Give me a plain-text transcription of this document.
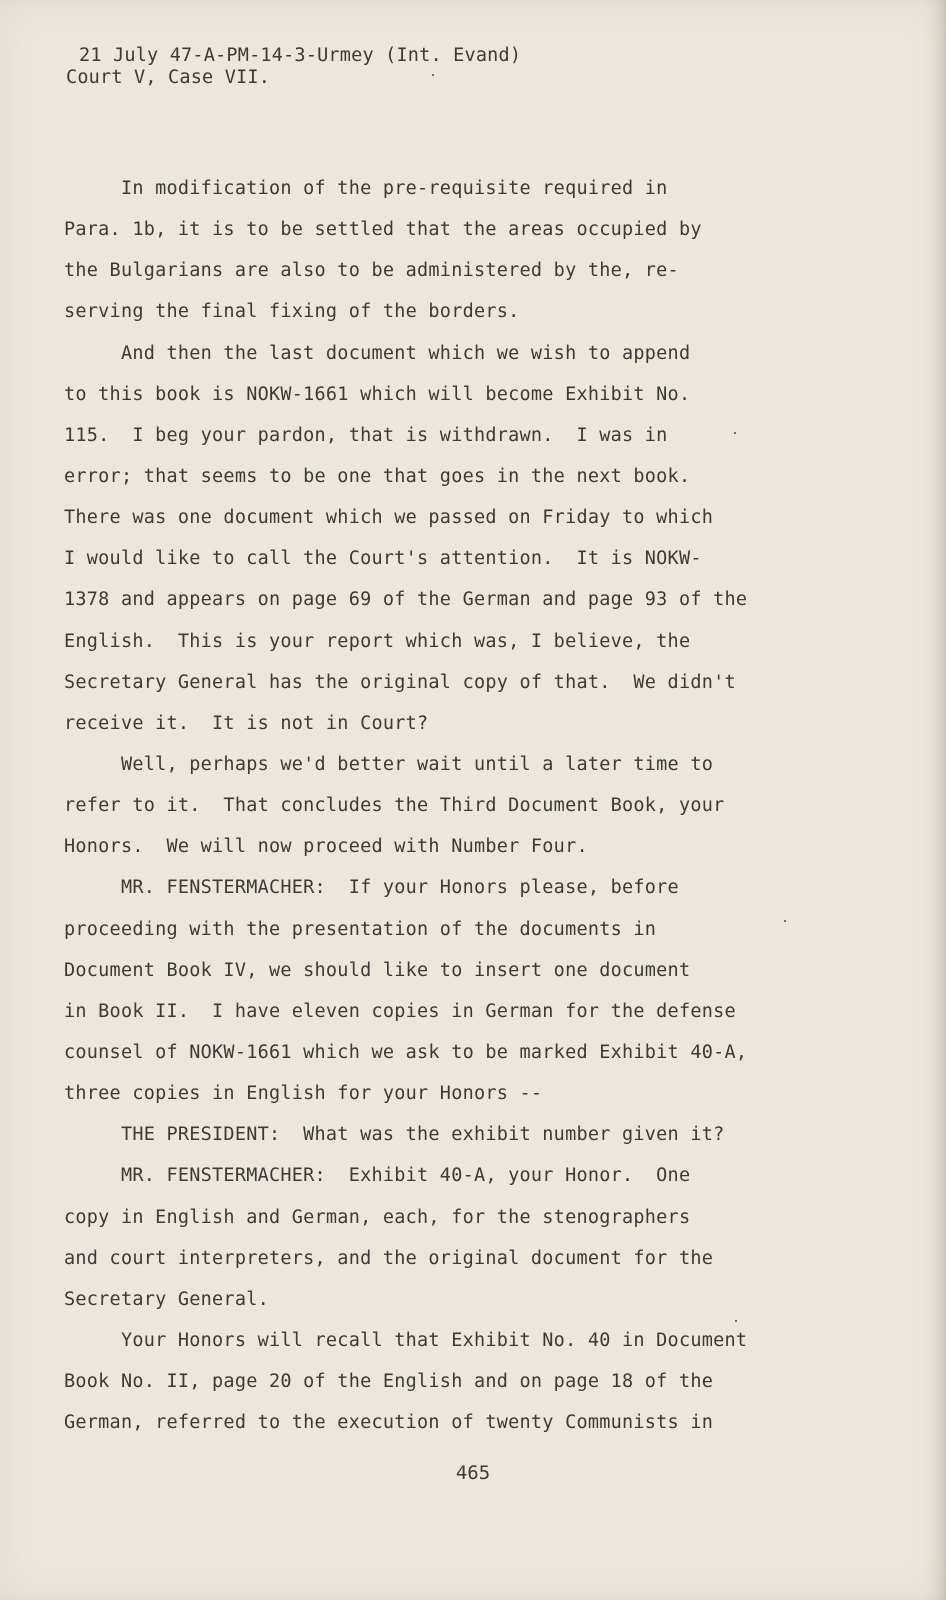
21 July 47-A-PM-14-3-Urmey (Int. Evand)
Court V, Case VII.
In modification of the pre-requisite required in
Para. 1b, it is to be settled that the areas occupied by
the Bulgarians are also to be administered by the, re-
serving the final fixing of the borders.
And then the last document which we wish to append
to this book is NOKW-1661 which will become Exhibit No.
115.  I beg your pardon, that is withdrawn.  I was in
error; that seems to be one that goes in the next book.
There was one document which we passed on Friday to which
I would like to call the Court's attention.  It is NOKW-
1378 and appears on page 69 of the German and page 93 of the
English.  This is your report which was, I believe, the
Secretary General has the original copy of that.  We didn't
receive it.  It is not in Court?
Well, perhaps we'd better wait until a later time to
refer to it.  That concludes the Third Document Book, your
Honors.  We will now proceed with Number Four.
MR. FENSTERMACHER:  If your Honors please, before
proceeding with the presentation of the documents in
Document Book IV, we should like to insert one document
in Book II.  I have eleven copies in German for the defense
counsel of NOKW-1661 which we ask to be marked Exhibit 40-A,
three copies in English for your Honors --
THE PRESIDENT:  What was the exhibit number given it?
MR. FENSTERMACHER:  Exhibit 40-A, your Honor.  One
copy in English and German, each, for the stenographers
and court interpreters, and the original document for the
Secretary General.
Your Honors will recall that Exhibit No. 40 in Document
Book No. II, page 20 of the English and on page 18 of the
German, referred to the execution of twenty Communists in
465
